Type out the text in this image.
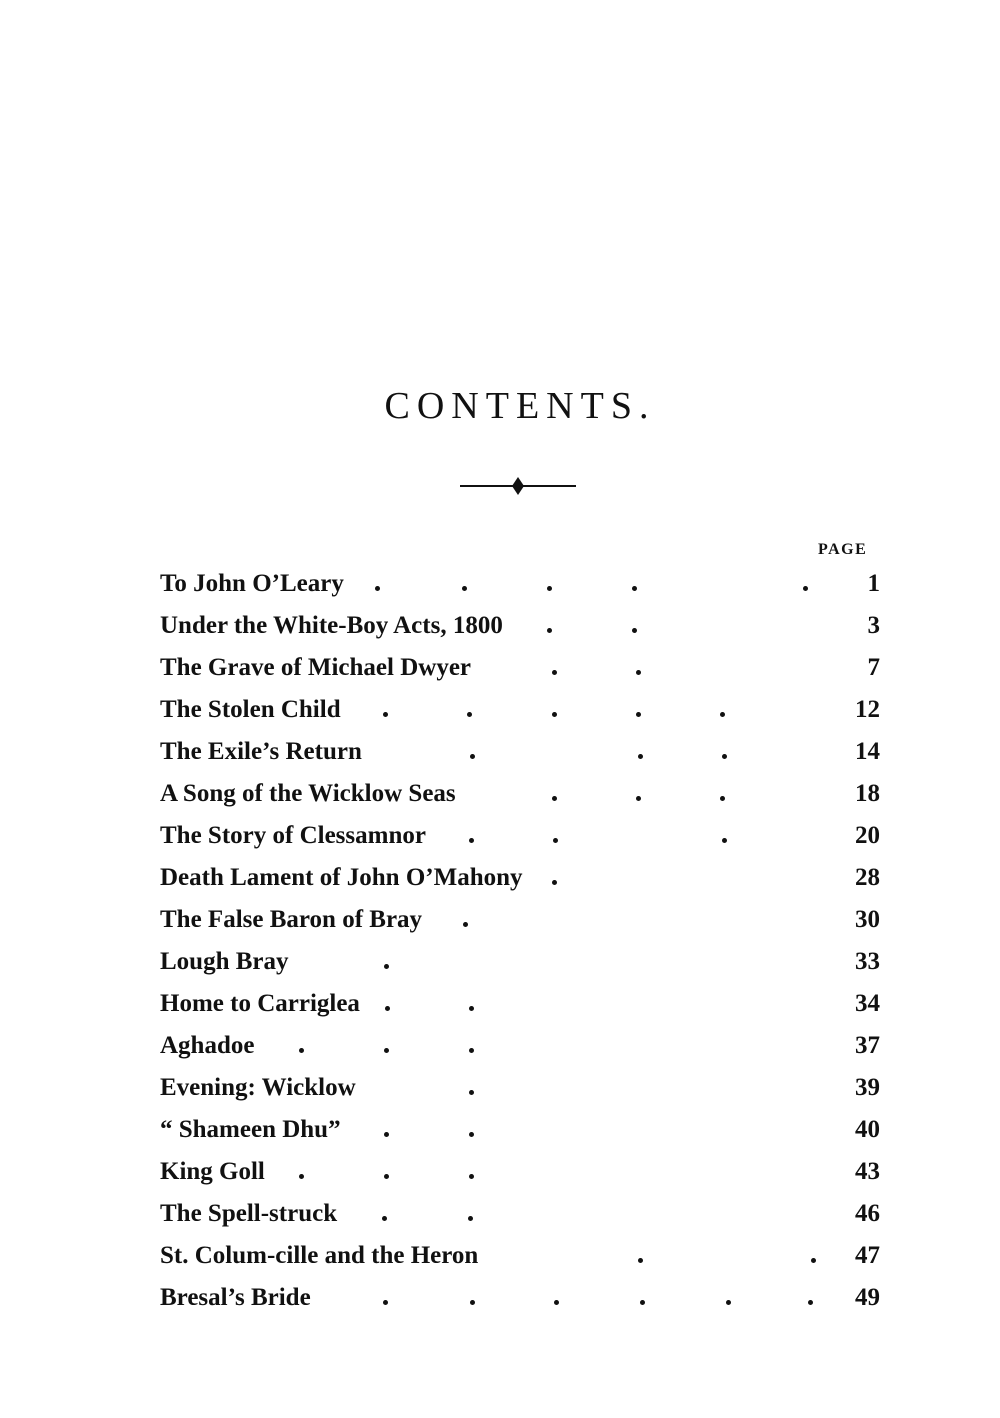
CONTENTS.
PAGE
To John O’Leary	1
Under the White-Boy Acts, 1800	3
The Grave of Michael Dwyer	7
The Stolen Child	12
The Exile’s Return	14
A Song of the Wicklow Seas	18
The Story of Clessamnor	20
Death Lament of John O’Mahony	28
The False Baron of Bray	30
Lough Bray	33
Home to Carriglea	34
Aghadoe	37
Evening: Wicklow	39
“ Shameen Dhu”	40
King Goll	43
The Spell-struck	46
St. Colum-cille and the Heron	47
Bresal’s Bride	49
